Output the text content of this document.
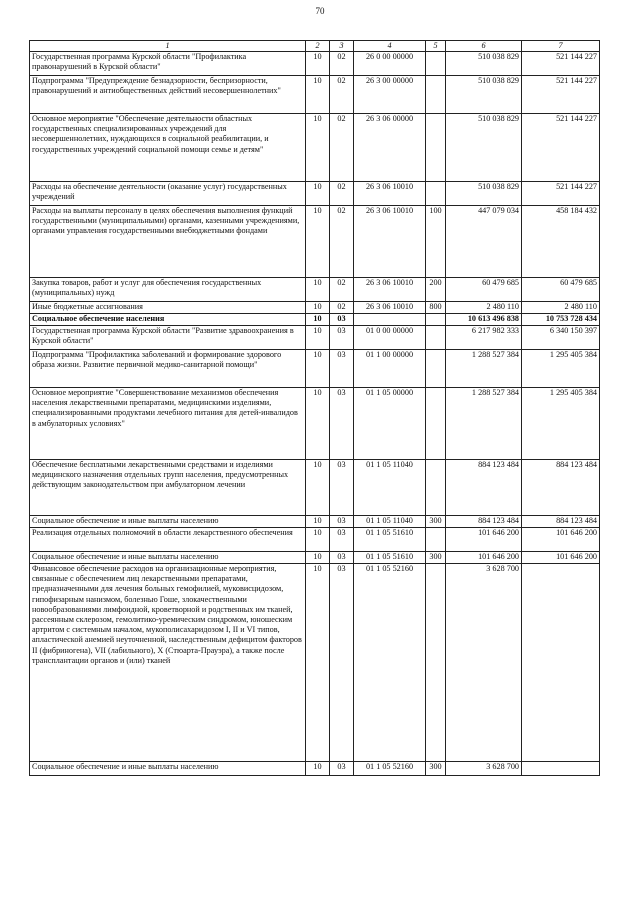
70
1	2	3	4	5	6	7
Государственная программа Курской области "Профилактика правонарушений в Курской области"	10	02	26 0 00 00000		510 038 829	521 144 227
Подпрограмма "Предупреждение безнадзорности, беспризорности, правонарушений и антиобщественных действий несовершеннолетних"	10	02	26 3 00 00000		510 038 829	521 144 227
Основное мероприятие "Обеспечение деятельности областных государственных специализированных учреждений для несовершеннолетних, нуждающихся в социальной реабилитации, и государственных учреждений социальной помощи семье и детям"	10	02	26 3 06 00000		510 038 829	521 144 227
Расходы на обеспечение деятельности (оказание услуг) государственных учреждений	10	02	26 3 06 10010		510 038 829	521 144 227
Расходы на выплаты персоналу в целях обеспечения выполнения функций государственными (муниципальными) органами, казенными учреждениями, органами управления государственными внебюджетными фондами	10	02	26 3 06 10010	100	447 079 034	458 184 432
Закупка товаров, работ и услуг для обеспечения государственных (муниципальных) нужд	10	02	26 3 06 10010	200	60 479 685	60 479 685
Иные бюджетные ассигнования	10	02	26 3 06 10010	800	2 480 110	2 480 110
Социальное обеспечение населения	10	03			10 613 496 838	10 753 728 434
Государственная программа Курской области "Развитие здравоохранения в Курской области"	10	03	01 0 00 00000		6 217 982 333	6 340 150 397
Подпрограмма "Профилактика заболеваний и формирование здорового образа жизни. Развитие первичной медико-санитарной помощи"	10	03	01 1 00 00000		1 288 527 384	1 295 405 384
Основное мероприятие "Совершенствование механизмов обеспечения населения лекарственными препаратами, медицинскими изделиями, специализированными продуктами лечебного питания для детей-инвалидов в амбулаторных условиях"	10	03	01 1 05 00000		1 288 527 384	1 295 405 384
Обеспечение бесплатными лекарственными средствами и изделиями медицинского назначения отдельных групп населения, предусмотренных действующим законодательством при амбулаторном лечении	10	03	01 1 05 11040		884 123 484	884 123 484
Социальное обеспечение и иные выплаты населению	10	03	01 1 05 11040	300	884 123 484	884 123 484
Реализация отдельных полномочий в области лекарственного обеспечения	10	03	01 1 05 51610		101 646 200	101 646 200
Социальное обеспечение и иные выплаты населению	10	03	01 1 05 51610	300	101 646 200	101 646 200
Финансовое обеспечение расходов на организационные мероприятия, связанные с обеспечением лиц лекарственными препаратами, предназначенными для лечения больных гемофилией, муковисцидозом, гипофизарным нанизмом, болезнью Гоше, злокачественными новообразованиями лимфоидной, кроветворной и родственных им тканей, рассеянным склерозом, гемолитико-уремическим синдромом, юношеским артритом с системным началом, мукополисахаридозом I, II и VI типов, апластической анемией неуточненной, наследственным дефицитом факторов II (фибриногена), VII (лабильного), X (Стюарта-Прауэра), а также после трансплантации органов и (или) тканей	10	03	01 1 05 52160		3 628 700	
Социальное обеспечение и иные выплаты населению	10	03	01 1 05 52160	300	3 628 700	
